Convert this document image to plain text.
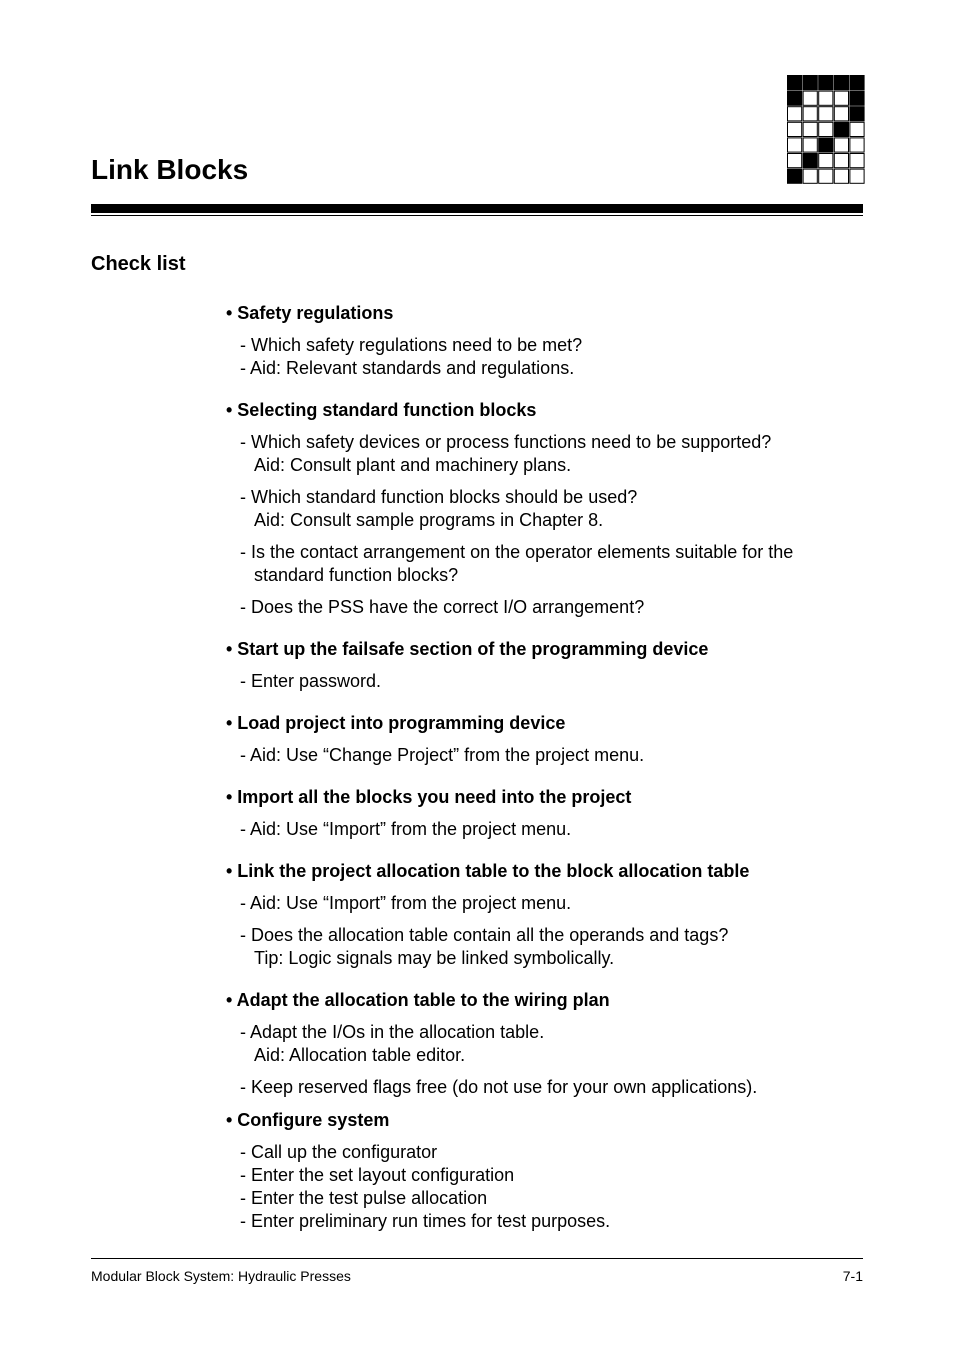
Link Blocks
Check list
• Safety regulations
- Which safety regulations need to be met?
- Aid: Relevant standards and regulations.
• Selecting standard function blocks
- Which safety devices or process functions need to be supported?
Aid: Consult plant and machinery plans.
- Which standard function blocks should be used?
Aid: Consult sample programs in Chapter 8.
- Is the contact arrangement on the operator elements suitable for the
standard function blocks?
- Does the PSS have the correct I/O arrangement?
• Start up the failsafe section of the programming device
- Enter password.
• Load project into programming device
- Aid: Use “Change Project” from the project menu.
• Import all the blocks you need into the project
- Aid: Use “Import” from the project menu.
• Link the project allocation table to the block allocation table
- Aid: Use “Import” from the project menu.
- Does the allocation table contain all the operands and tags?
Tip: Logic signals may be linked symbolically.
• Adapt the allocation table to the wiring plan
- Adapt the I/Os in the allocation table.
Aid: Allocation table editor.
- Keep reserved flags free (do not use for your own applications).
• Configure system
- Call up the configurator
- Enter the set layout configuration
- Enter the test pulse allocation
- Enter preliminary run times for test purposes.
Modular Block System: Hydraulic Presses	7-1
